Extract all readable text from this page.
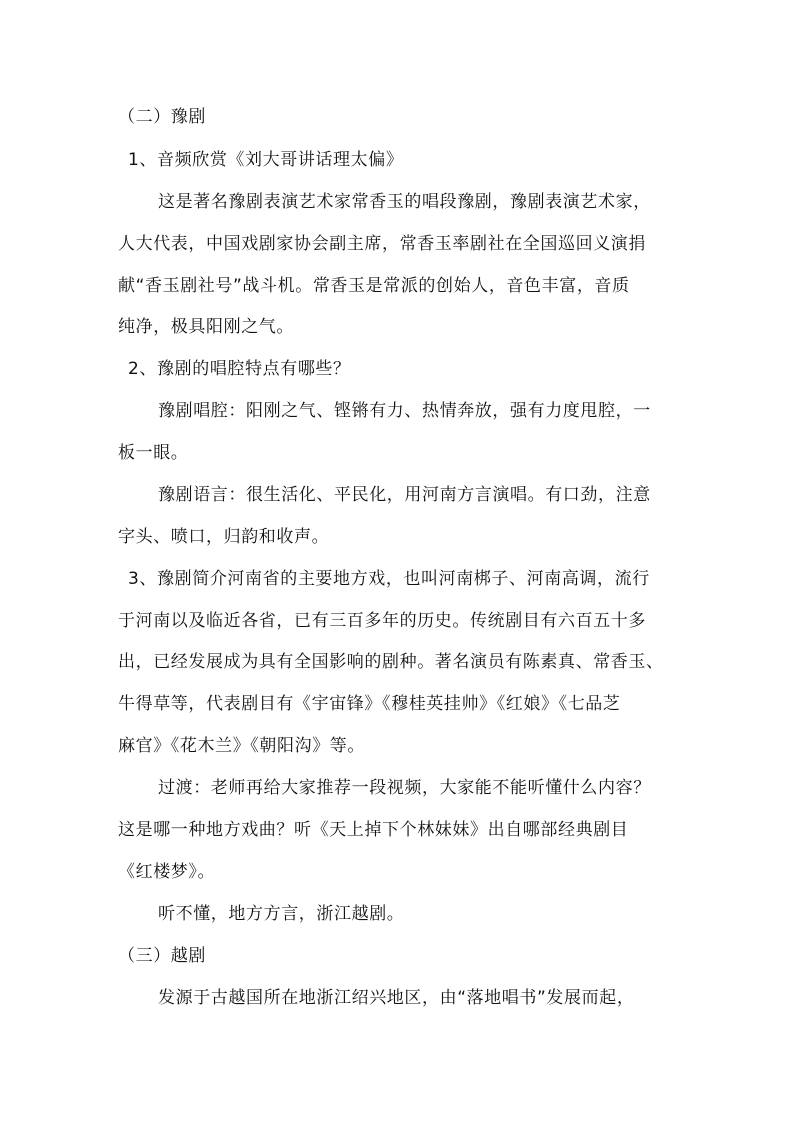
（二）豫剧

1、音频欣赏《刘大哥讲话理太偏》

这是著名豫剧表演艺术家常香玉的唱段豫剧，豫剧表演艺术家，

人大代表，中国戏剧家协会副主席，常香玉率剧社在全国巡回义演捐

献“香玉剧社号”战斗机。常香玉是常派的创始人，音色丰富，音质

纯净，极具阳刚之气。

2、豫剧的唱腔特点有哪些？

豫剧唱腔：阳刚之气、铿锵有力、热情奔放，强有力度甩腔，一

板一眼。

豫剧语言：很生活化、平民化，用河南方言演唱。有口劲，注意

字头、喷口，归韵和收声。

3、豫剧简介河南省的主要地方戏，也叫河南梆子、河南高调，流行

于河南以及临近各省，已有三百多年的历史。传统剧目有六百五十多

出，已经发展成为具有全国影响的剧种。著名演员有陈素真、常香玉、

牛得草等，代表剧目有《宇宙锋》《穆桂英挂帅》《红娘》《七品芝

麻官》《花木兰》《朝阳沟》等。

过渡：老师再给大家推荐一段视频，大家能不能听懂什么内容？

这是哪一种地方戏曲？听《天上掉下个林妹妹》出自哪部经典剧目

《红楼梦》。

听不懂，地方方言，浙江越剧。

（三）越剧

发源于古越国所在地浙江绍兴地区，由“落地唱书”发展而起，
